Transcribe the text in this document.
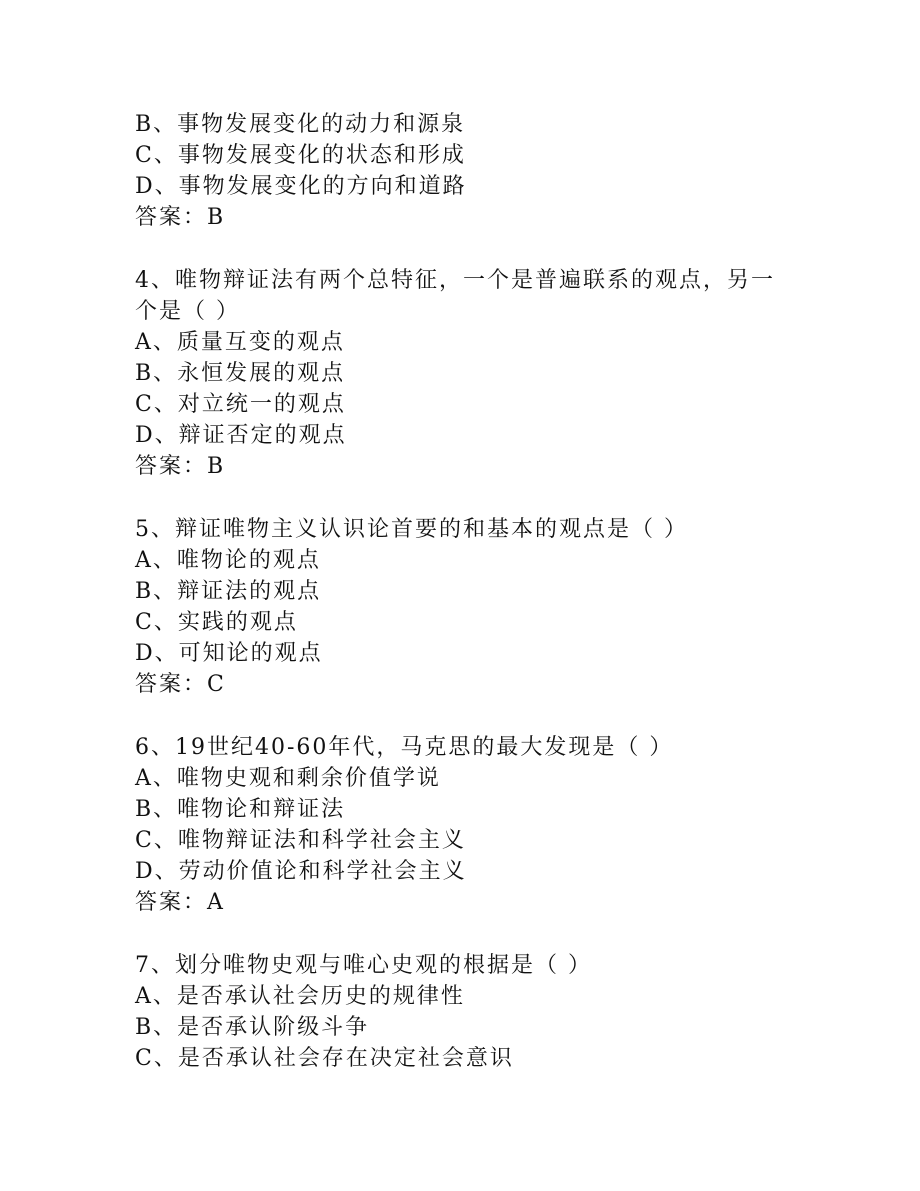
B、事物发展变化的动力和源泉
C、事物发展变化的状态和形成
D、事物发展变化的方向和道路
答案：B
4、唯物辩证法有两个总特征，一个是普遍联系的观点，另一
个是（ ）
A、质量互变的观点
B、永恒发展的观点
C、对立统一的观点
D、辩证否定的观点
答案：B
5、辩证唯物主义认识论首要的和基本的观点是（ ）
A、唯物论的观点
B、辩证法的观点
C、实践的观点
D、可知论的观点
答案：C
6、19世纪40-60年代，马克思的最大发现是（ ）
A、唯物史观和剩余价值学说
B、唯物论和辩证法
C、唯物辩证法和科学社会主义
D、劳动价值论和科学社会主义
答案：A
7、划分唯物史观与唯心史观的根据是（ ）
A、是否承认社会历史的规律性
B、是否承认阶级斗争
C、是否承认社会存在决定社会意识
